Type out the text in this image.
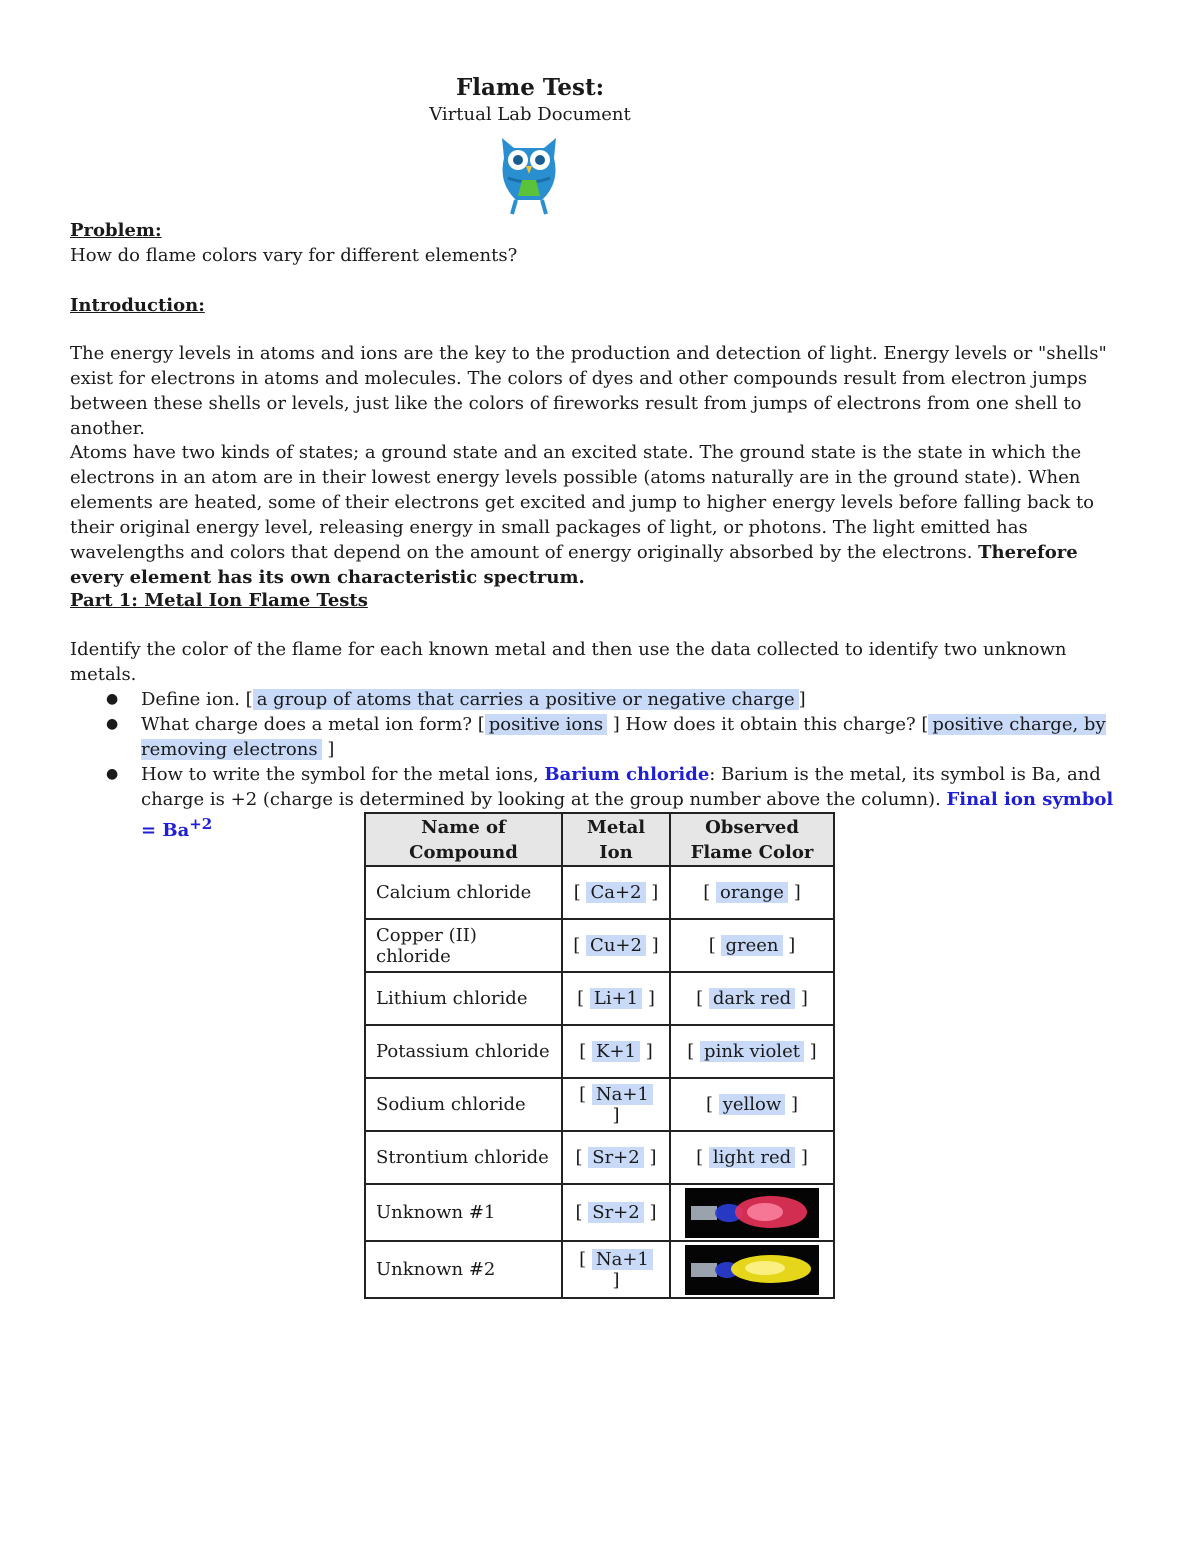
Flame Test:
Virtual Lab Document

Problem:

How do flame colors vary for different elements?

Introduction:

The energy levels in atoms and ions are the key to the production and detection of light. Energy levels or "shells" exist for electrons in atoms and molecules. The colors of dyes and other compounds result from electron jumps between these shells or levels, just like the colors of fireworks result from jumps of electrons from one shell to another.

Atoms have two kinds of states; a ground state and an excited state. The ground state is the state in which the electrons in an atom are in their lowest energy levels possible (atoms naturally are in the ground state). When elements are heated, some of their electrons get excited and jump to higher energy levels before falling back to their original energy level, releasing energy in small packages of light, or photons. The light emitted has wavelengths and colors that depend on the amount of energy originally absorbed by the electrons. Therefore every element has its own characteristic spectrum.

Part 1: Metal Ion Flame Tests

Identify the color of the flame for each known metal and then use the data collected to identify two unknown metals.

● Define ion. [ a group of atoms that carries a positive or negative charge ]
● What charge does a metal ion form? [ positive ions ] How does it obtain this charge? [ positive charge, by removing electrons ]
● How to write the symbol for the metal ions, Barium chloride: Barium is the metal, its symbol is Ba, and charge is +2 (charge is determined by looking at the group number above the column). Final ion symbol = $Ba^{+2}$	Name of Compound	Metal Ion	Observed Flame Color
Calcium chloride	[ Ca+2 ]	[ orange ]
Copper (II) chloride	[ Cu+2 ]	[ green ]
Lithium chloride	[ Li+1 ]	[ dark red ]
Potassium chloride	[ K+1 ]	[ pink violet ]
Sodium chloride	[ Na+1 ]	[ yellow ]
Strontium chloride	[ Sr+2 ]	[ light red ]
Unknown #1	[ Sr+2 ]	

Unknown #2	[ Na+1 ]	
